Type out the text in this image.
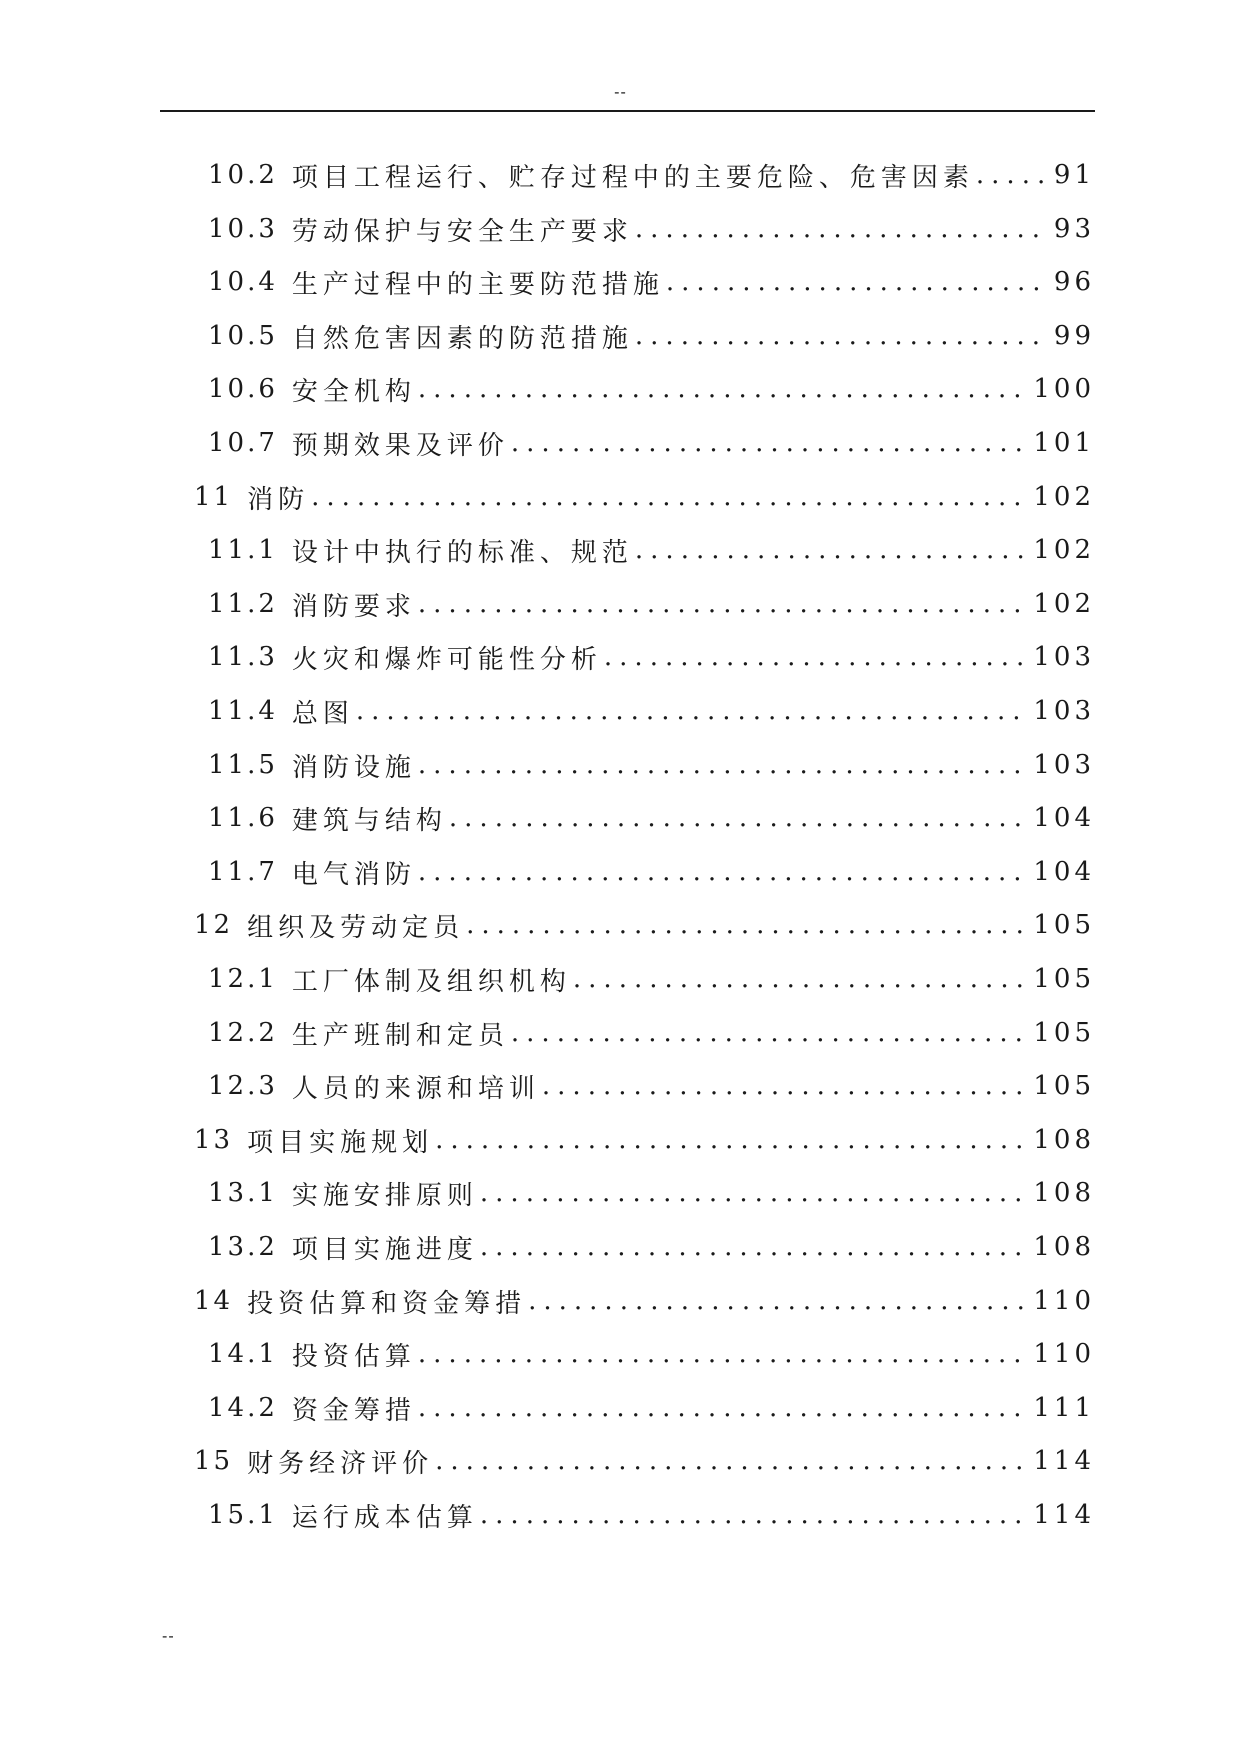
--
10.2 项目工程运行、贮存过程中的主要危险、危害因素 .....	91
10.3 劳动保护与安全生产要求 .....	93
10.4 生产过程中的主要防范措施 .....	96
10.5 自然危害因素的防范措施 .....	99
10.6 安全机构 .....	100
10.7 预期效果及评价 .....	101
11 消防 .....	102
11.1 设计中执行的标准、规范 .....	102
11.2 消防要求 .....	102
11.3 火灾和爆炸可能性分析 .....	103
11.4 总图 .....	103
11.5 消防设施 .....	103
11.6 建筑与结构 .....	104
11.7 电气消防 .....	104
12 组织及劳动定员 .....	105
12.1 工厂体制及组织机构 .....	105
12.2 生产班制和定员 .....	105
12.3 人员的来源和培训 .....	105
13 项目实施规划 .....	108
13.1 实施安排原则 .....	108
13.2 项目实施进度 .....	108
14 投资估算和资金筹措 .....	110
14.1 投资估算 .....	110
14.2 资金筹措 .....	111
15 财务经济评价 .....	114
15.1 运行成本估算 .....	114
--
